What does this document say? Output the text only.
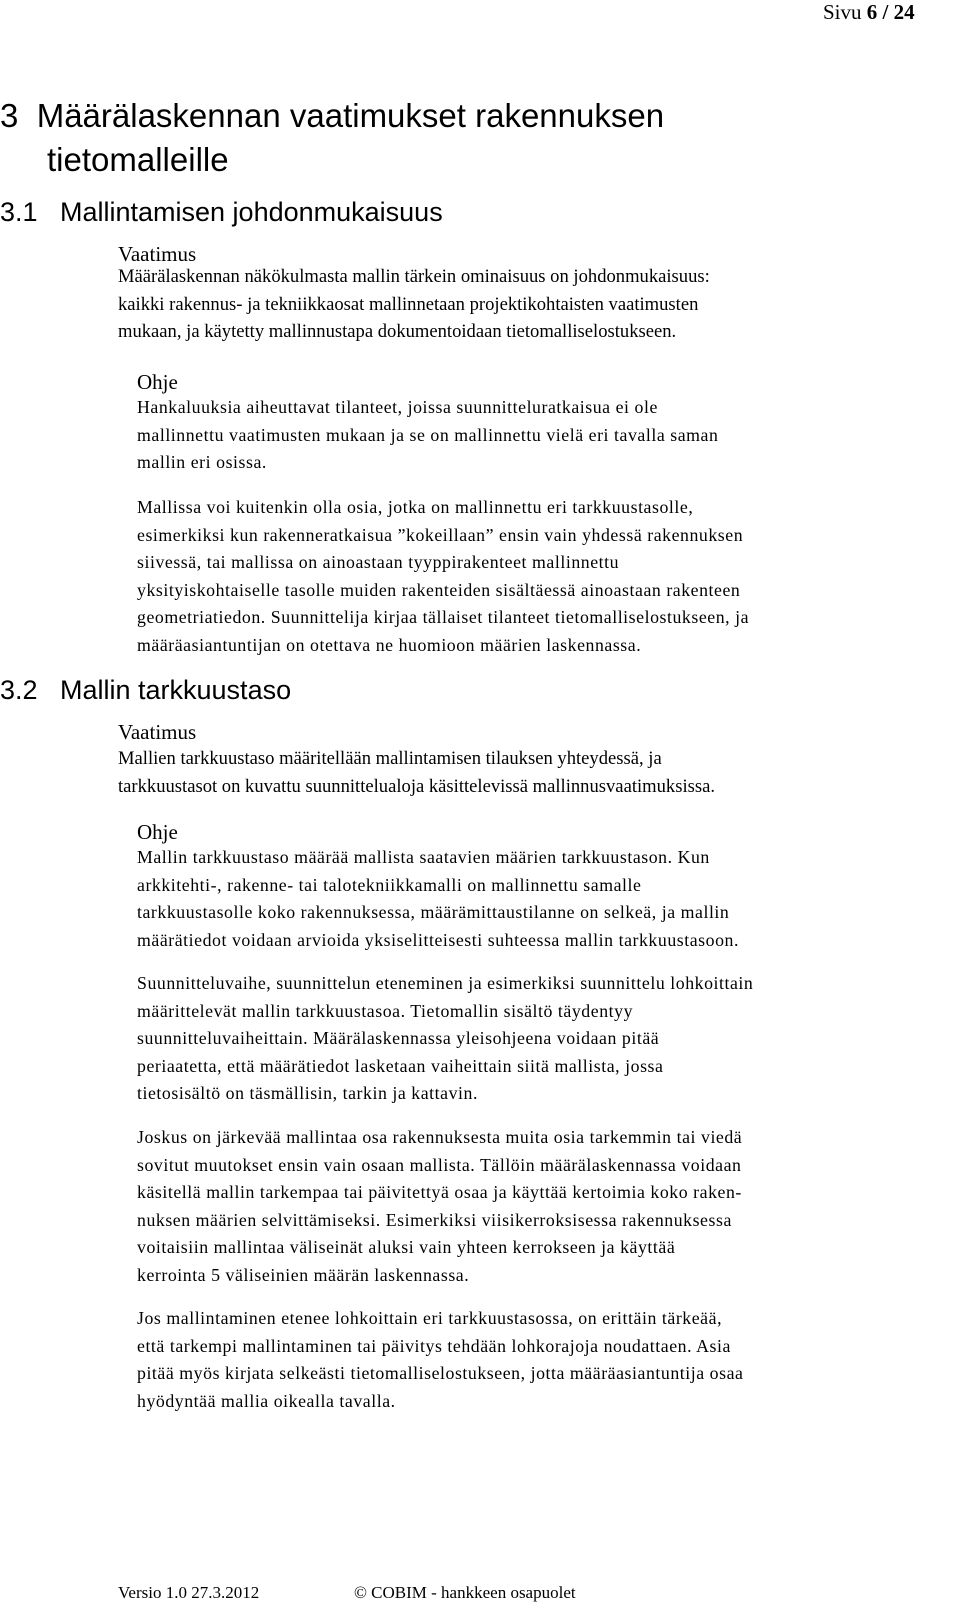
Sivu 6 / 24
3 Määrälaskennan vaatimukset rakennuksen
tietomalleille
3.1 Mallintamisen johdonmukaisuus
Vaatimus
Määrälaskennan näkökulmasta mallin tärkein ominaisuus on johdonmukaisuus:
kaikki rakennus- ja tekniikkaosat mallinnetaan projektikohtaisten vaatimusten
mukaan, ja käytetty mallinnustapa dokumentoidaan tietomalliselostukseen.
Ohje
Hankaluuksia aiheuttavat tilanteet, joissa suunnitteluratkaisua ei ole
mallinnettu vaatimusten mukaan ja se on mallinnettu vielä eri tavalla saman
mallin eri osissa.
Mallissa voi kuitenkin olla osia, jotka on mallinnettu eri tarkkuustasolle,
esimerkiksi kun rakenneratkaisua ”kokeillaan” ensin vain yhdessä rakennuksen
siivessä, tai mallissa on ainoastaan tyyppirakenteet mallinnettu
yksityiskohtaiselle tasolle muiden rakenteiden sisältäessä ainoastaan rakenteen
geometriatiedon. Suunnittelija kirjaa tällaiset tilanteet tietomalliselostukseen, ja
määräasiantuntijan on otettava ne huomioon määrien laskennassa.
3.2 Mallin tarkkuustaso
Vaatimus
Mallien tarkkuustaso määritellään mallintamisen tilauksen yhteydessä, ja
tarkkuustasot on kuvattu suunnittelualoja käsittelevissä mallinnusvaatimuksissa.
Ohje
Mallin tarkkuustaso määrää mallista saatavien määrien tarkkuustason. Kun
arkkitehti-, rakenne- tai talotekniikkamalli on mallinnettu samalle
tarkkuustasolle koko rakennuksessa, määrämittaustilanne on selkeä, ja mallin
määrätiedot voidaan arvioida yksiselitteisesti suhteessa mallin tarkkuustasoon.
Suunnitteluvaihe, suunnittelun eteneminen ja esimerkiksi suunnittelu lohkoittain
määrittelevät mallin tarkkuustasoa. Tietomallin sisältö täydentyy
suunnitteluvaiheittain. Määrälaskennassa yleisohjeena voidaan pitää
periaatetta, että määrätiedot lasketaan vaiheittain siitä mallista, jossa
tietosisältö on täsmällisin, tarkin ja kattavin.
Joskus on järkevää mallintaa osa rakennuksesta muita osia tarkemmin tai viedä
sovitut muutokset ensin vain osaan mallista. Tällöin määrälaskennassa voidaan
käsitellä mallin tarkempaa tai päivitettyä osaa ja käyttää kertoimia koko raken-
nuksen määrien selvittämiseksi. Esimerkiksi viisikerroksisessa rakennuksessa
voitaisiin mallintaa väliseinät aluksi vain yhteen kerrokseen ja käyttää
kerrointa 5 väliseinien määrän laskennassa.
Jos mallintaminen etenee lohkoittain eri tarkkuustasossa, on erittäin tärkeää,
että tarkempi mallintaminen tai päivitys tehdään lohkorajoja noudattaen. Asia
pitää myös kirjata selkeästi tietomalliselostukseen, jotta määräasiantuntija osaa
hyödyntää mallia oikealla tavalla.
Versio 1.0 27.3.2012	© COBIM - hankkeen osapuolet
